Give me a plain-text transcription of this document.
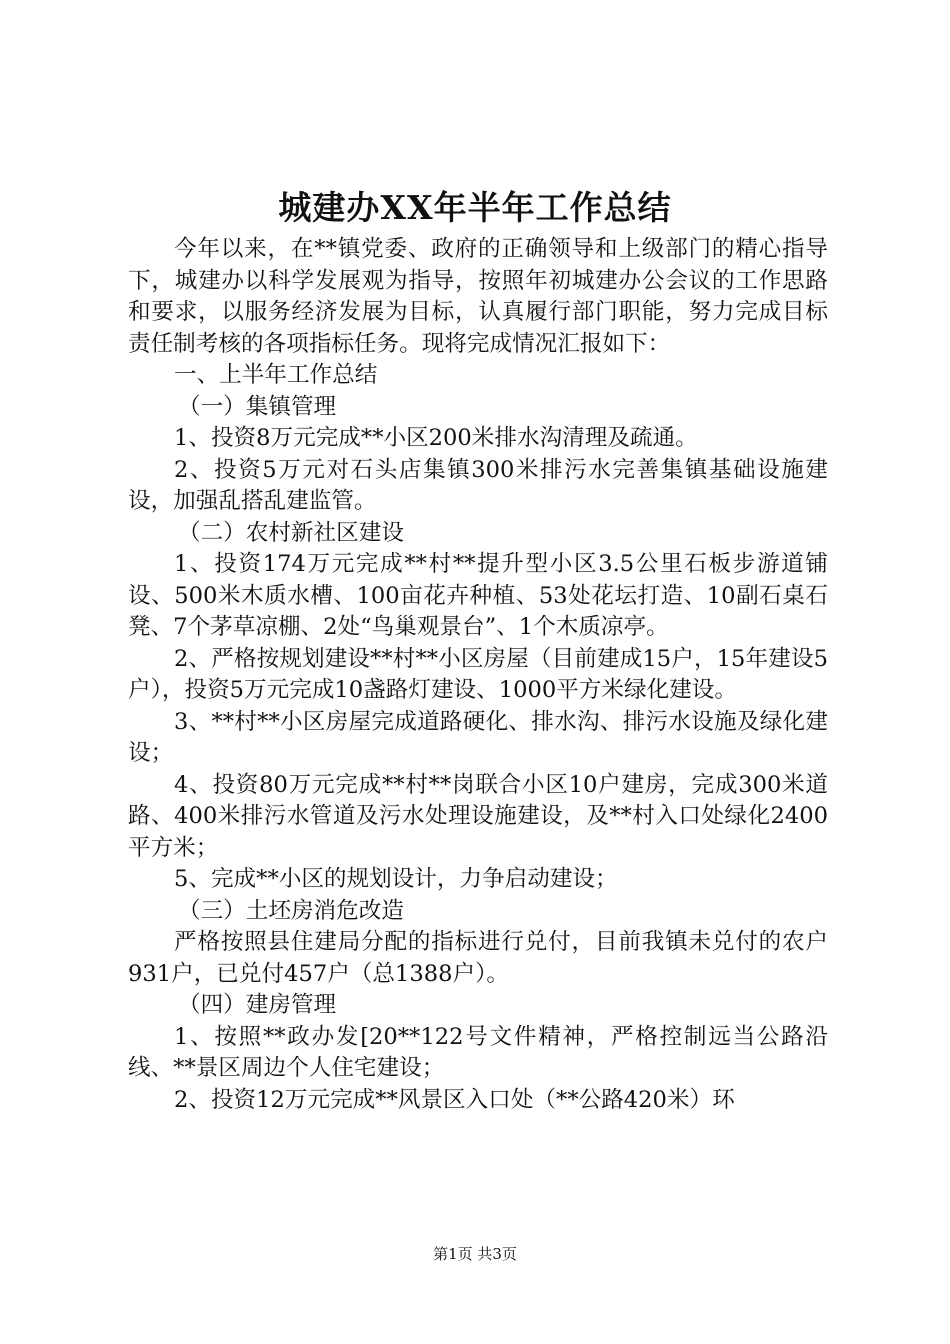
城建办XX年半年工作总结

今年以来，在**镇党委、政府的正确领导和上级部门的精心指导下，城建办以科学发展观为指导，按照年初城建办公会议的工作思路和要求，以服务经济发展为目标，认真履行部门职能，努力完成目标责任制考核的各项指标任务。现将完成情况汇报如下：

一、上半年工作总结

（一）集镇管理

1、投资8万元完成**小区200米排水沟清理及疏通。

2、投资5万元对石头店集镇300米排污水完善集镇基础设施建设，加强乱搭乱建监管。

（二）农村新社区建设

1、投资174万元完成**村**提升型小区3.5公里石板步游道铺设、500米木质水槽、100亩花卉种植、53处花坛打造、10副石桌石凳、7个茅草凉棚、2处“鸟巢观景台”、1个木质凉亭。

2、严格按规划建设**村**小区房屋（目前建成15户，15年建设5户），投资5万元完成10盏路灯建设、1000平方米绿化建设。

3、**村**小区房屋完成道路硬化、排水沟、排污水设施及绿化建设；

4、投资80万元完成**村**岗联合小区10户建房，完成300米道路、400米排污水管道及污水处理设施建设，及**村入口处绿化2400平方米；

5、完成**小区的规划设计，力争启动建设；

（三）土坯房消危改造

严格按照县住建局分配的指标进行兑付，目前我镇未兑付的农户931户，已兑付457户（总1388户）。

（四）建房管理

1、按照**政办发[20**122号文件精神，严格控制远当公路沿线、**景区周边个人住宅建设；

2、投资12万元完成**风景区入口处（**公路420米）环

第1页 共3页
